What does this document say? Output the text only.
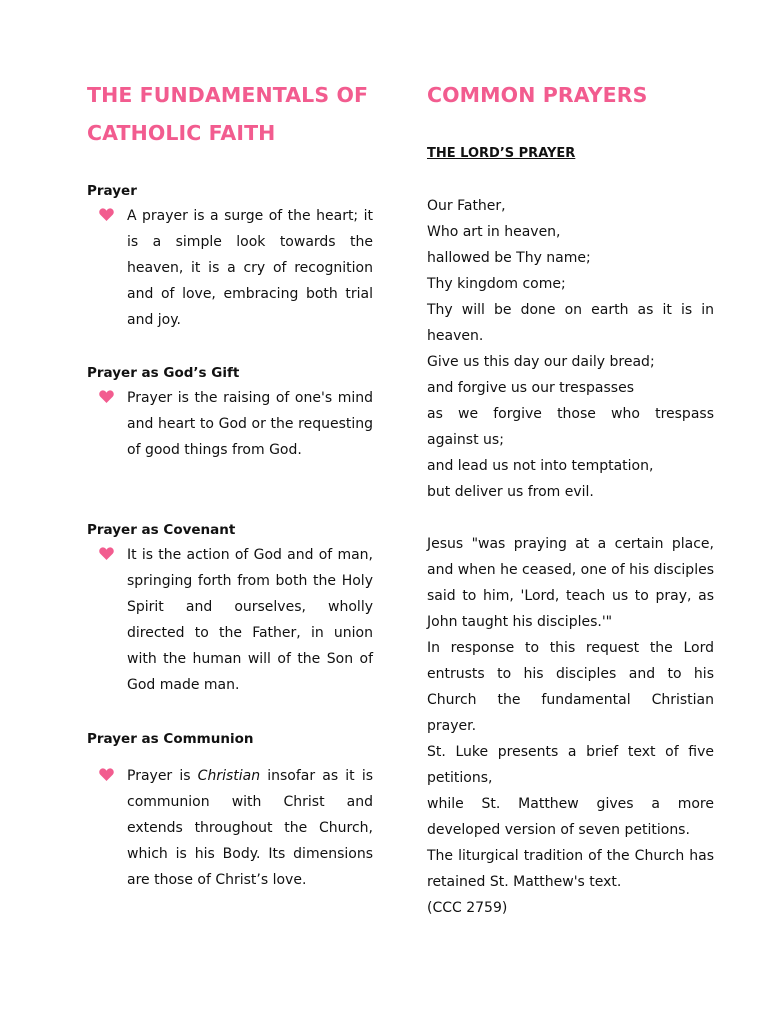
THE FUNDAMENTALS OF
CATHOLIC FAITH

Prayer

A prayer is a surge of the heart; it is a simple look towards the heaven, it is a cry of recognition and of love, embracing both trial and joy.

Prayer as God’s Gift

Prayer is the raising of one's mind and heart to God or the requesting of good things from God.

Prayer as Covenant

It is the action of God and of man, springing forth from both the Holy Spirit and ourselves, wholly directed to the Father, in union with the human will of the Son of God made man.

Prayer as Communion

Prayer is Christian insofar as it is communion with Christ and extends throughout the Church, which is his Body. Its dimensions are those of Christ’s love.

COMMON PRAYERS

THE LORD’S PRAYER

Our Father,

Who art in heaven,

hallowed be Thy name;

Thy kingdom come;

Thy will be done on earth as it is in heaven.

Give us this day our daily bread;

and forgive us our trespasses

as we forgive those who trespass against us;

and lead us not into temptation,

but deliver us from evil.

Jesus "was praying at a certain place, and when he ceased, one of his disciples said to him, 'Lord, teach us to pray, as John taught his disciples.'"

In response to this request the Lord entrusts to his disciples and to his Church the fundamental Christian prayer.

St. Luke presents a brief text of five petitions,

while St. Matthew gives a more developed version of seven petitions.

The liturgical tradition of the Church has retained St. Matthew's text.

(CCC 2759)
